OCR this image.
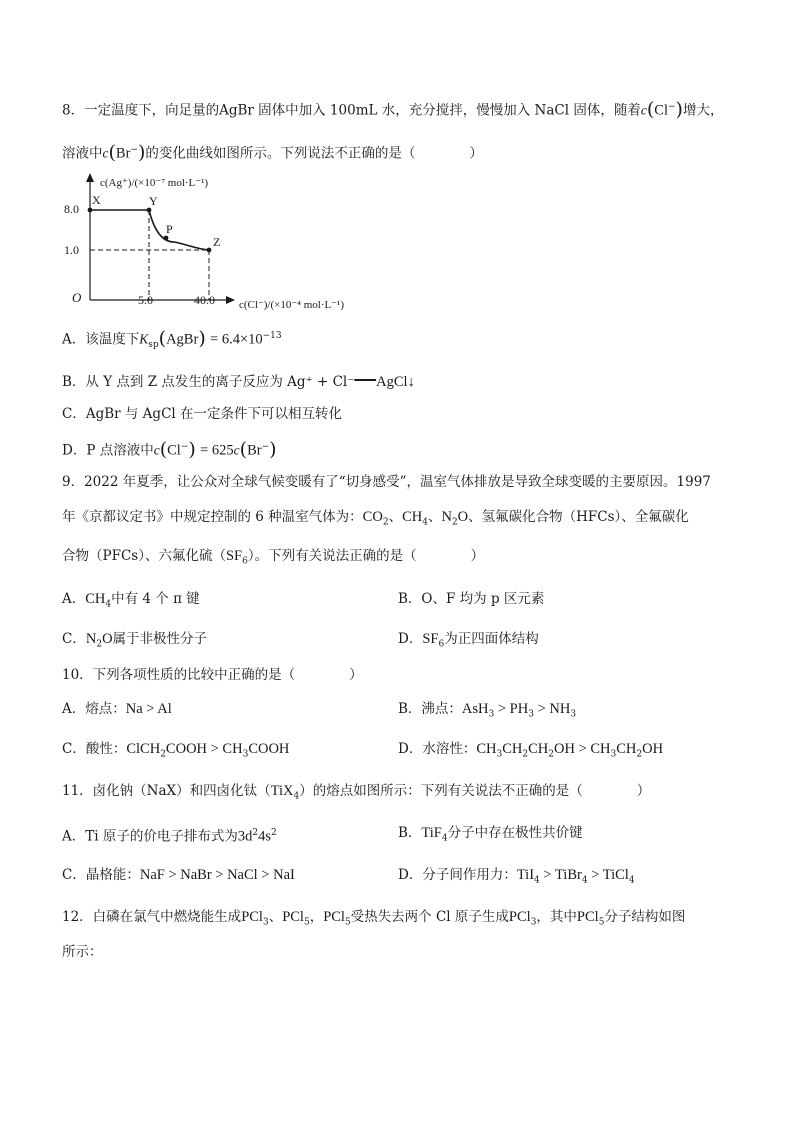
8．一定温度下，向足量的AgBr 固体中加入 100mL 水，充分搅拌，慢慢加入 NaCl 固体，随着c(Cl−)增大，
溶液中c(Br−)的变化曲线如图所示。下列说法不正确的是（　　　　）
c(Ag⁺)/(×10⁻⁷ mol·L⁻¹)
c(Cl⁻)/(×10⁻⁴ mol·L⁻¹)
O
8.0
1.0
5.0	40.0
X	Y
P
Z
A．该温度下$K_{sp}(AgBr) = 6.4\times 10^{-13}$
B．从 Y 点到 Z 点发生的离子反应为 Ag⁺ + Cl⁻   AgCl↓
C．AgBr 与 AgCl 在一定条件下可以相互转化
D．P 点溶液中c(Cl−) = 625c(Br−)
9．2022 年夏季，让公众对全球气候变暖有了“切身感受”，温室气体排放是导致全球变暖的主要原因。1997
年《京都议定书》中规定控制的 6 种温室气体为：$CO_2$、$CH_4$、$N_2O$、氢氟碳化合物（HFCs）、全氟碳化
合物（PFCs）、六氟化硫$(SF_6)$。下列有关说法正确的是（　　　　）
A．$CH_4$中有 4 个 π 键	B．O、F 均为 p 区元素
C．$N_2O$属于非极性分子	D．$SF_6$为正四面体结构
10．下列各项性质的比较中正确的是（　　　　）
A．熔点：Na > Al	B．沸点：$AsH_3 > PH_3 > NH_3$
C．酸性：ClCH$_2$COOH > $CH_3COOH$	D．水溶性：$CH_3CH_2CH_2OH > CH_3CH_2OH$
11．卤化钠（NaX）和四卤化钛（TiX$_4$）的熔点如图所示：下列有关说法不正确的是（　　　　）
A．Ti 原子的价电子排布式为$3d^24s^2$	B．TiF$_4$分子中存在极性共价键
C．晶格能：NaF > NaBr > NaCl > NaI	D．分子间作用力：TiI$_4$ > TiBr$_4$ > TiCl$_4$
12．白磷在氯气中燃烧能生成PCl$_3$、PCl$_5$，PCl$_5$受热失去两个 Cl 原子生成PCl$_3$，其中PCl$_5$分子结构如图
所示：
